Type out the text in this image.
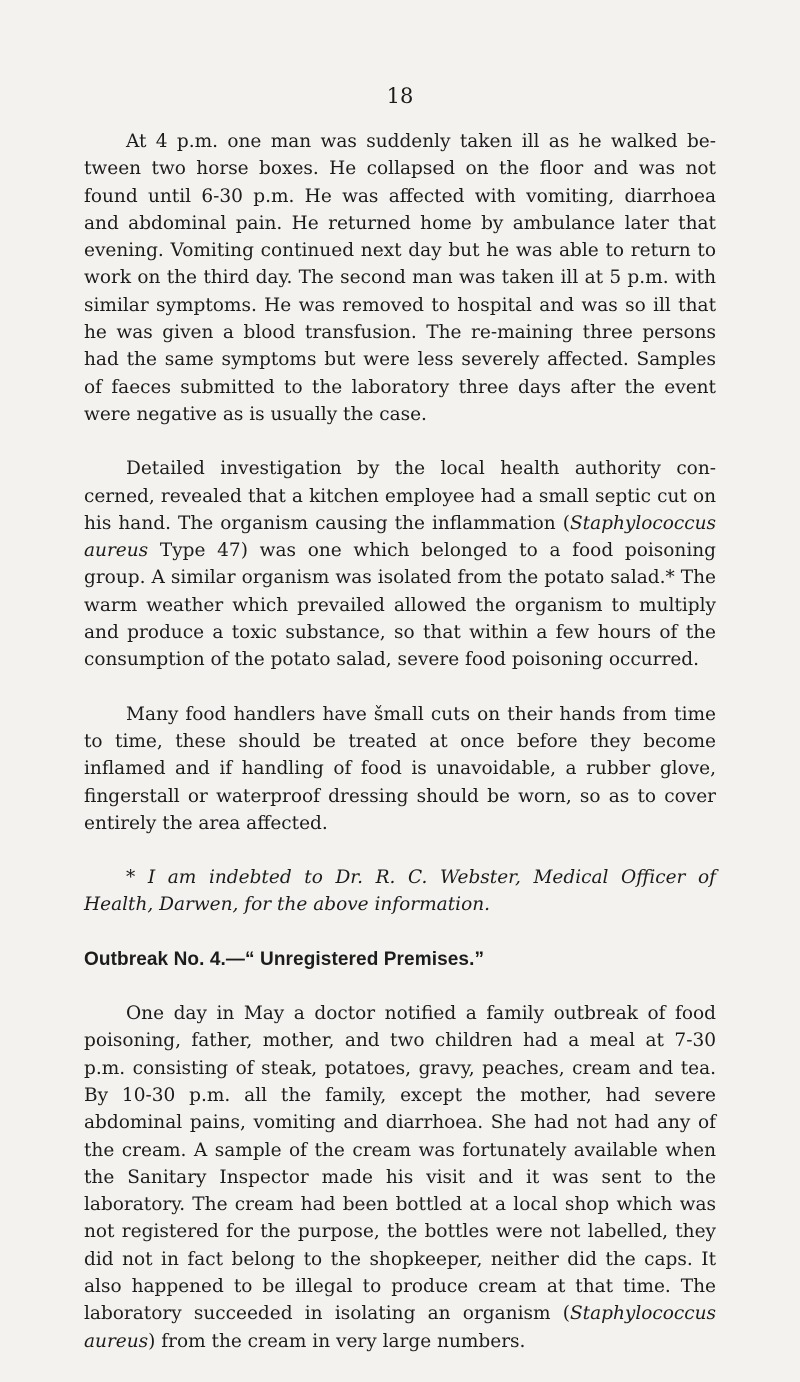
18

At 4 p.m. one man was suddenly taken ill as he walked be-tween two horse boxes. He collapsed on the floor and was not found until 6-30 p.m. He was affected with vomiting, diarrhoea and abdominal pain. He returned home by ambulance later that evening. Vomiting continued next day but he was able to return to work on the third day. The second man was taken ill at 5 p.m. with similar symptoms. He was removed to hospital and was so ill that he was given a blood transfusion. The re-maining three persons had the same symptoms but were less severely affected. Samples of faeces submitted to the laboratory three days after the event were negative as is usually the case.

Detailed investigation by the local health authority con-cerned, revealed that a kitchen employee had a small septic cut on his hand. The organism causing the inflammation (Staphylococcus aureus Type 47) was one which belonged to a food poisoning group. A similar organism was isolated from the potato salad.* The warm weather which prevailed allowed the organism to multiply and produce a toxic substance, so that within a few hours of the consumption of the potato salad, severe food poisoning occurred.

Many food handlers have šmall cuts on their hands from time to time, these should be treated at once before they become inflamed and if handling of food is unavoidable, a rubber glove, fingerstall or waterproof dressing should be worn, so as to cover entirely the area affected.

* I am indebted to Dr. R. C. Webster, Medical Officer of Health, Darwen, for the above information.

Outbreak No. 4.—“ Unregistered Premises.”

One day in May a doctor notified a family outbreak of food poisoning, father, mother, and two children had a meal at 7-30 p.m. consisting of steak, potatoes, gravy, peaches, cream and tea. By 10-30 p.m. all the family, except the mother, had severe abdominal pains, vomiting and diarrhoea. She had not had any of the cream. A sample of the cream was fortunately available when the Sanitary Inspector made his visit and it was sent to the laboratory. The cream had been bottled at a local shop which was not registered for the purpose, the bottles were not labelled, they did not in fact belong to the shopkeeper, neither did the caps. It also happened to be illegal to produce cream at that time. The laboratory succeeded in isolating an organism (Staphylococcus aureus) from the cream in very large numbers.
